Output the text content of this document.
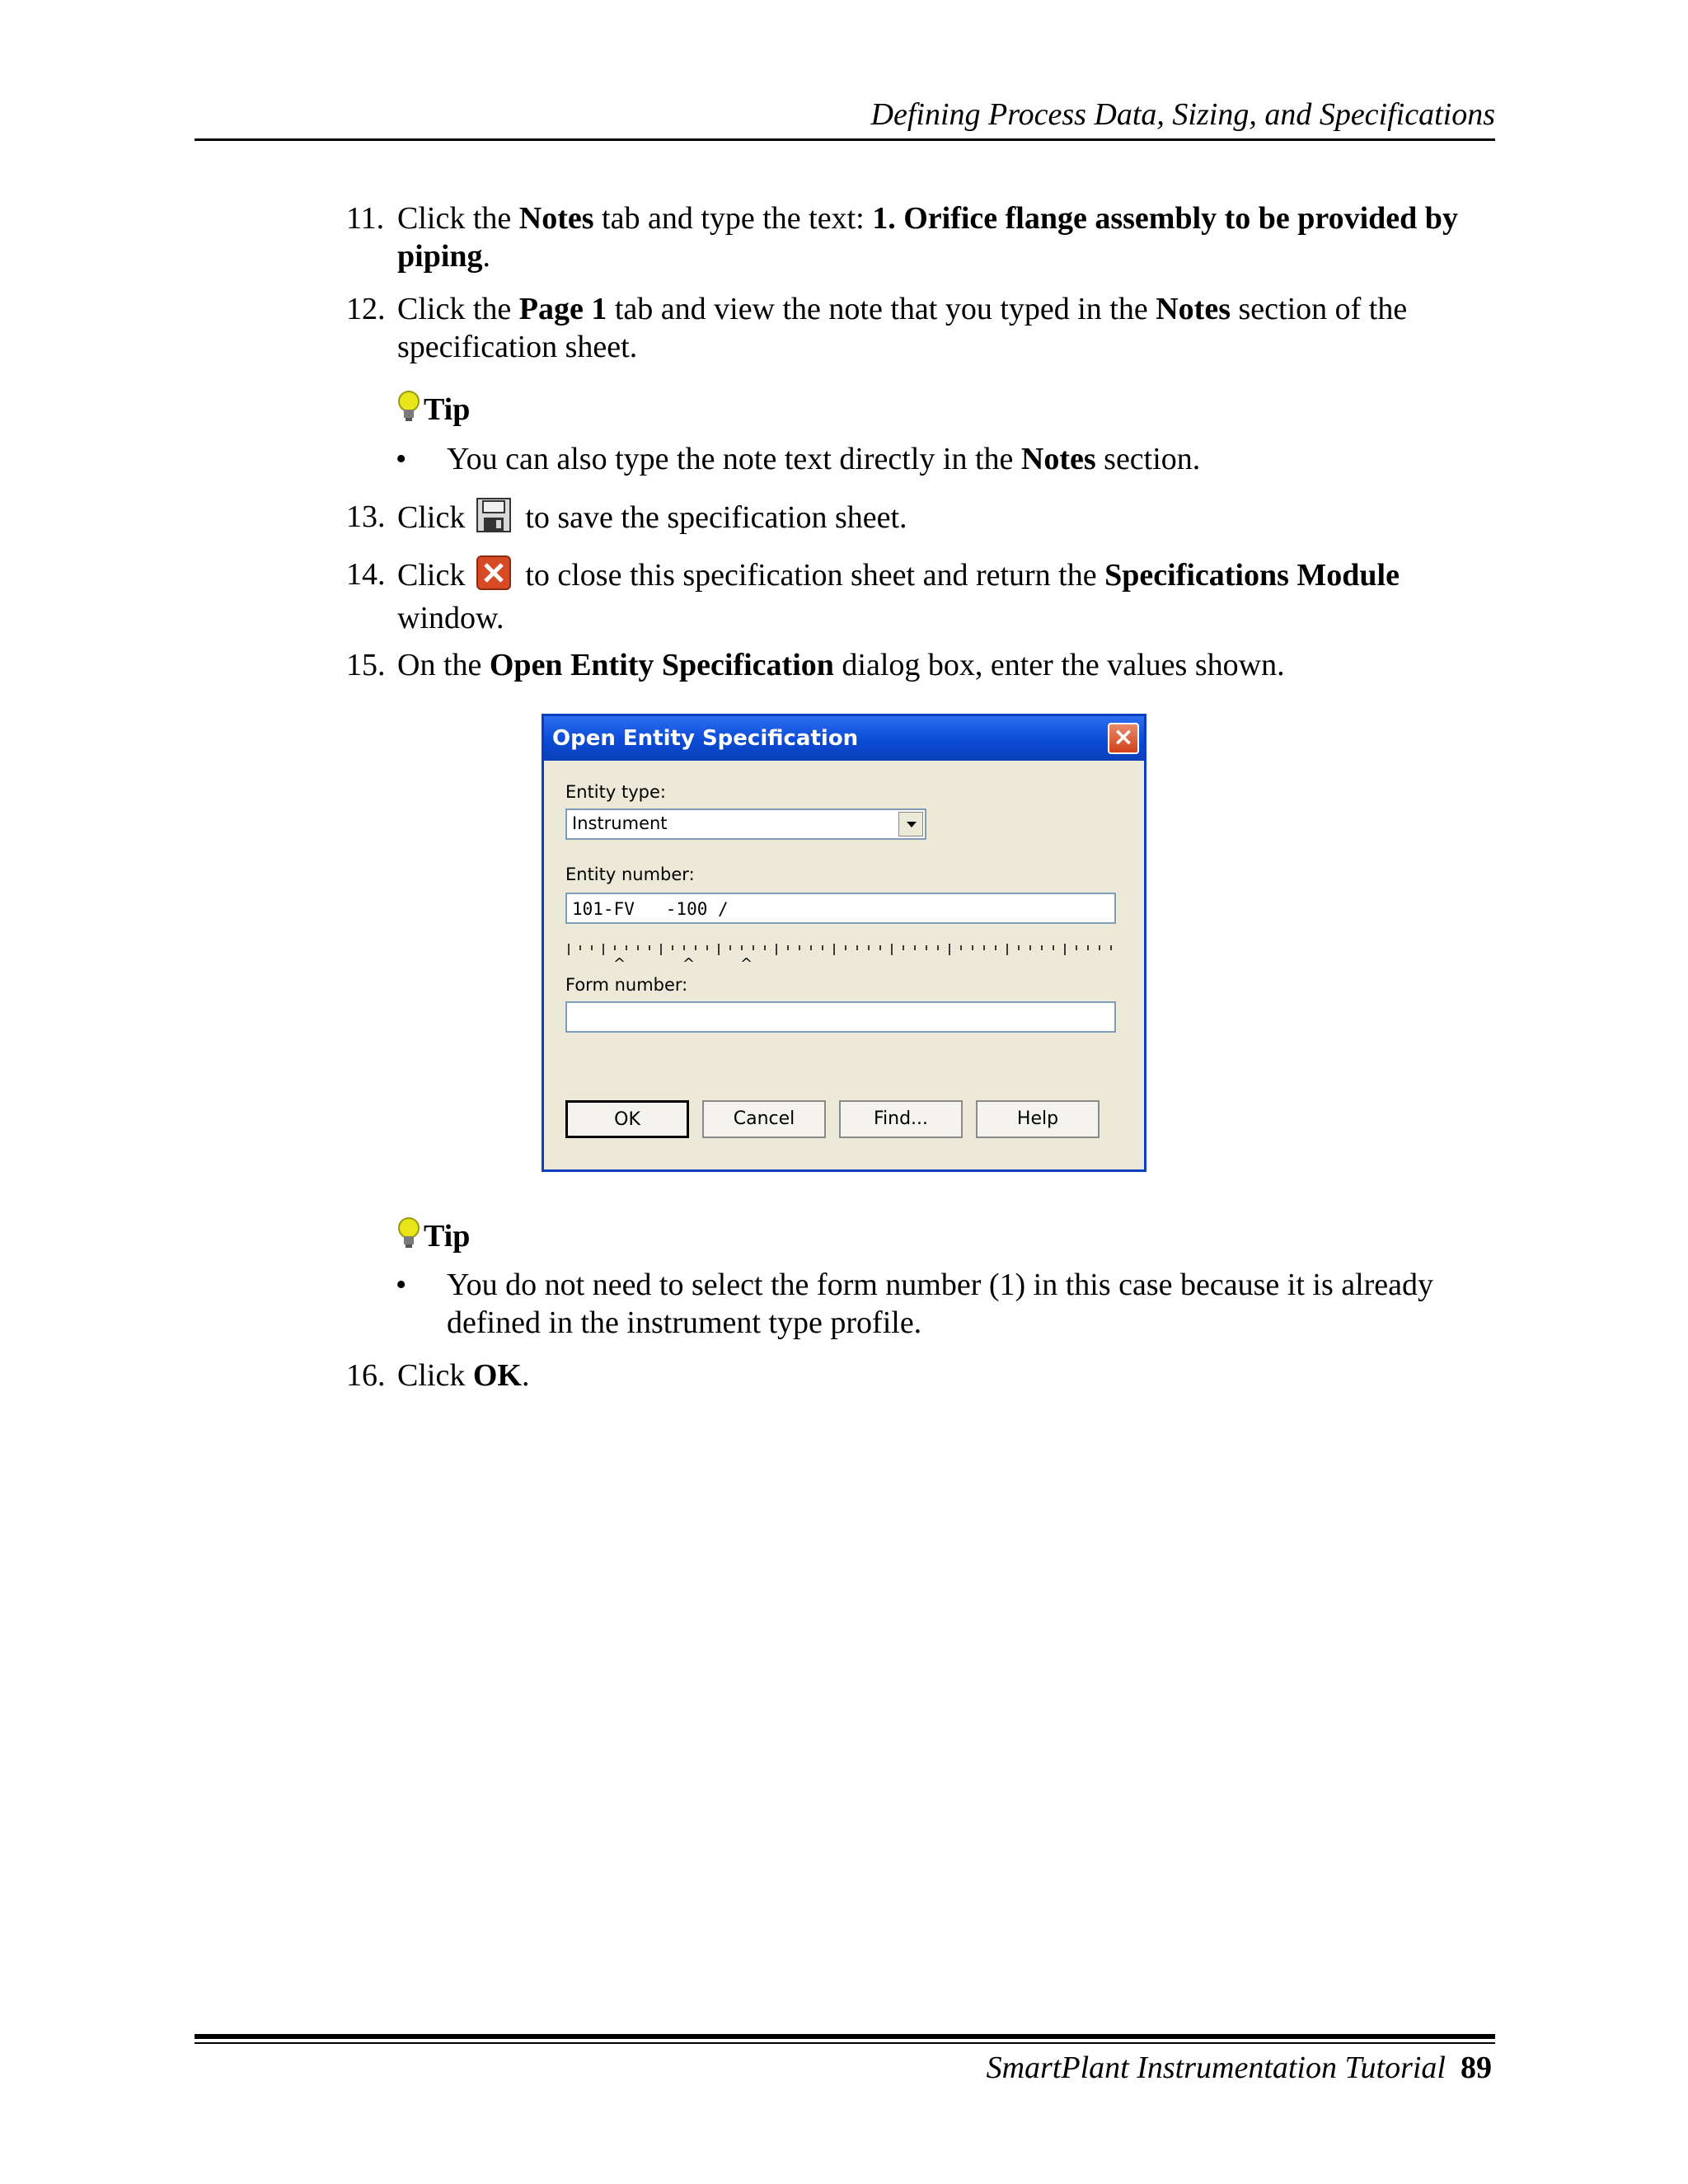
Defining Process Data, Sizing, and Specifications
11. Click the Notes tab and type the text: 1. Orifice flange assembly to be provided by piping.
12. Click the Page 1 tab and view the note that you typed in the Notes section of the specification sheet.
Tip
• You can also type the note text directly in the Notes section.
13. Click  to save the specification sheet.
14. Click  to close this specification sheet and return the Specifications Module window.
15. On the Open Entity Specification dialog box, enter the values shown.
Open Entity Specification	×
Entity type:
Instrument
Entity number:
101-FV   -100 /
^	^	^
Form number:
OK	Cancel	Find...	Help
Tip
• You do not need to select the form number (1) in this case because it is already defined in the instrument type profile.
16. Click OK.
SmartPlant Instrumentation Tutorial 89
